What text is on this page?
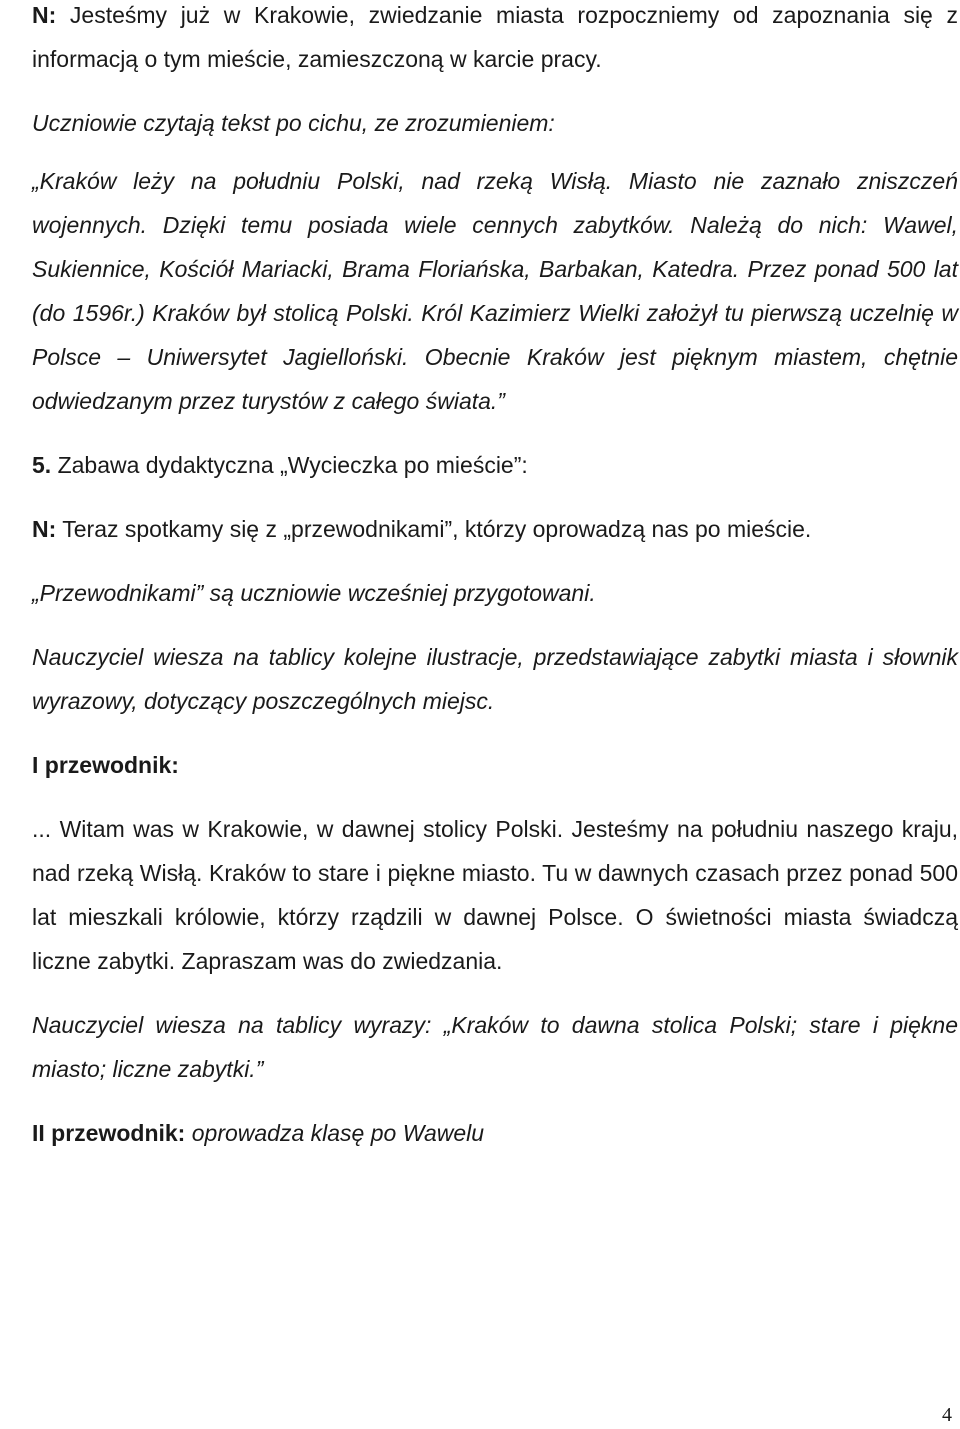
N: Jesteśmy już w Krakowie, zwiedzanie miasta rozpoczniemy od zapoznania się z informacją o tym mieście, zamieszczoną w karcie pracy.

Uczniowie czytają tekst po cichu, ze zrozumieniem:

„Kraków leży na południu Polski, nad rzeką Wisłą. Miasto nie zaznało zniszczeń wojennych. Dzięki temu posiada wiele cennych zabytków. Należą do nich: Wawel, Sukiennice, Kościół Mariacki, Brama Floriańska, Barbakan, Katedra. Przez ponad 500 lat (do 1596r.) Kraków był stolicą Polski. Król Kazimierz Wielki założył tu pierwszą uczelnię w Polsce – Uniwersytet Jagielloński. Obecnie Kraków jest pięknym miastem, chętnie odwiedzanym przez turystów z całego świata.”

5. Zabawa dydaktyczna „Wycieczka po mieście”:

N: Teraz spotkamy się z „przewodnikami”, którzy oprowadzą nas po mieście.

„Przewodnikami” są uczniowie wcześniej przygotowani.

Nauczyciel wiesza na tablicy kolejne ilustracje, przedstawiające zabytki miasta i słownik wyrazowy, dotyczący poszczególnych miejsc.

I przewodnik:

... Witam was w Krakowie, w dawnej stolicy Polski. Jesteśmy na południu naszego kraju, nad rzeką Wisłą. Kraków to stare i piękne miasto. Tu w dawnych czasach przez ponad 500 lat mieszkali królowie, którzy rządzili w dawnej Polsce. O świetności miasta świadczą liczne zabytki. Zapraszam was do zwiedzania.

Nauczyciel wiesza na tablicy wyrazy: „Kraków to dawna stolica Polski; stare i piękne miasto; liczne zabytki.”

II przewodnik: oprowadza klasę po Wawelu

4
